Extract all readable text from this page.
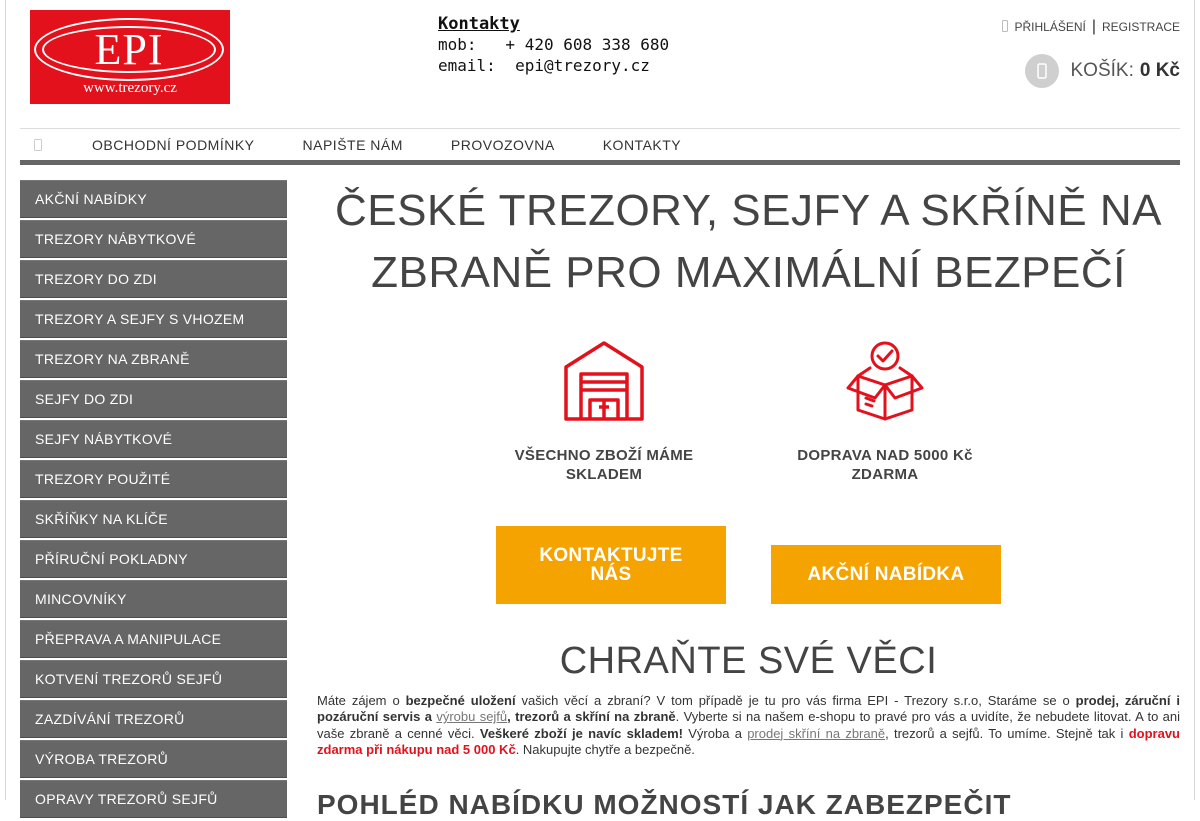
EPI
www.trezory.cz
Kontakty
mob:   + 420 608 338 680
email:  epi@trezory.cz
PŘIHLÁŠENÍ | REGISTRACE
KOŠÍK: 0 Kč
OBCHODNÍ PODMÍNKY	NAPIŠTE NÁM	PROVOZOVNA	KONTAKTY
AKČNÍ NABÍDKY
TREZORY NÁBYTKOVÉ
TREZORY DO ZDI
TREZORY A SEJFY S VHOZEM
TREZORY NA ZBRANĚ
SEJFY DO ZDI
SEJFY NÁBYTKOVÉ
TREZORY POUŽITÉ
SKŘÍŇKY NA KLÍČE
PŘÍRUČNÍ POKLADNY
MINCOVNÍKY
PŘEPRAVA A MANIPULACE
KOTVENÍ TREZORŮ SEJFŮ
ZAZDÍVÁNÍ TREZORŮ
VÝROBA TREZORŮ
OPRAVY TREZORŮ SEJFŮ
ČESKÉ TREZORY, SEJFY A SKŘÍNĚ NA
ZBRANĚ PRO MAXIMÁLNÍ BEZPEČÍ
VŠECHNO ZBOŽÍ MÁME
SKLADEM
DOPRAVA NAD 5000 Kč
ZDARMA
KONTAKTUJTE
NÁS	AKČNÍ NABÍDKA
CHRAŇTE SVÉ VĚCI

Máte zájem o bezpečné uložení vašich věcí a zbraní? V tom případě je tu pro vás firma EPI - Trezory s.r.o, Staráme se o prodej, záruční i pozáruční servis a výrobu sejfů, trezorů a skříní na zbraně. Vyberte si na našem e-shopu to pravé pro vás a uvidíte, že nebudete litovat. A to ani vaše zbraně a cenné věci. Veškeré zboží je navíc skladem! Výroba a prodej skříní na zbraně, trezorů a sejfů. To umíme. Stejně tak i dopravu zdarma při nákupu nad 5 000 Kč. Nakupujte chytře a bezpečně.

POHLÉD NABÍDKU MOŽNOSTÍ JAK ZABEZPEČIT
